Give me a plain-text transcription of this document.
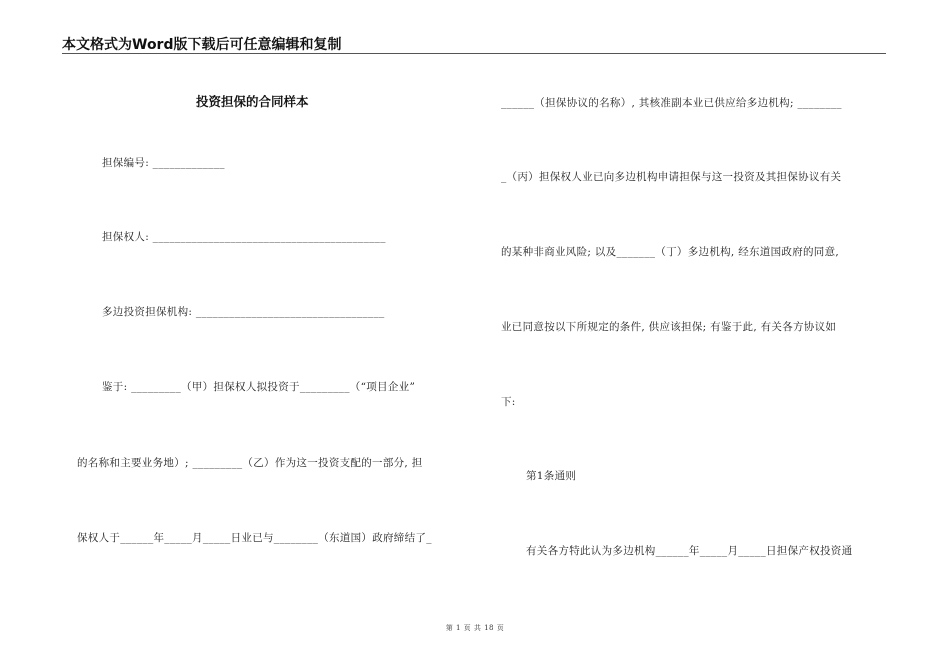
本文格式为Word版下载后可任意编辑和复制
投资担保的合同样本
担保编号: _____________
担保权人: __________________________________________
多边投资担保机构: __________________________________
鉴于: _________（甲）担保权人拟投资于_________（“项目企业”
的名称和主要业务地）; _________（乙）作为这一投资支配的一部分, 担
保权人于______年_____月_____日业已与________（东道国）政府缔结了_
______（担保协议的名称）, 其核准副本业已供应给多边机构; ________
_（丙）担保权人业已向多边机构申请担保与这一投资及其担保协议有关
的某种非商业风险; 以及_______（丁）多边机构, 经东道国政府的同意,
业已同意按以下所规定的条件, 供应该担保; 有鉴于此, 有关各方协议如
下:
第1条通则
有关各方特此认为多边机构______年_____月_____日担保产权投资通
第 1 页 共 18 页
